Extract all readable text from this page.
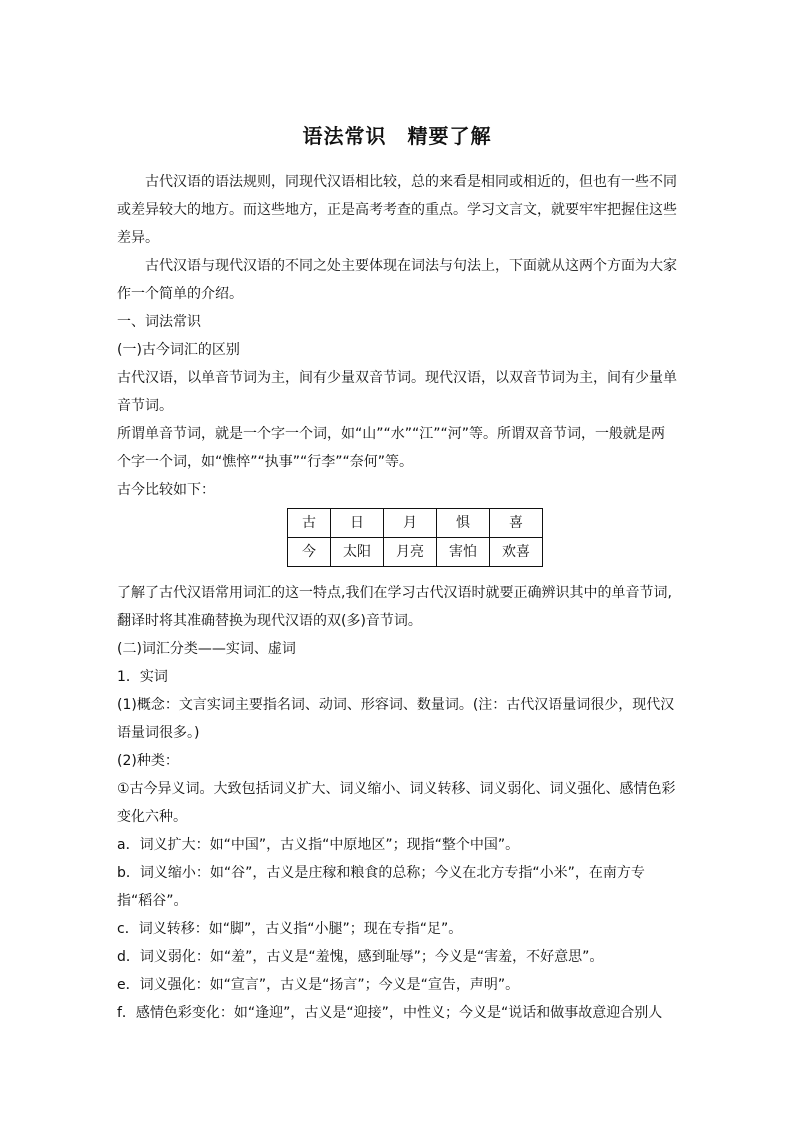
语法常识　精要了解

古代汉语的语法规则，同现代汉语相比较，总的来看是相同或相近的，但也有一些不同或差异较大的地方。而这些地方，正是高考考查的重点。学习文言文，就要牢牢把握住这些差异。

古代汉语与现代汉语的不同之处主要体现在词法与句法上，下面就从这两个方面为大家作一个简单的介绍。

一、词法常识

(一)古今词汇的区别

古代汉语，以单音节词为主，间有少量双音节词。现代汉语，以双音节词为主，间有少量单音节词。

所谓单音节词，就是一个字一个词，如“山”“水”“江”“河”等。所谓双音节词，一般就是两个字一个词，如“憔悴”“执事”“行李”“奈何”等。

古今比较如下：

古	日	月	惧	喜
今	太阳	月亮	害怕	欢喜

了解了古代汉语常用词汇的这一特点,我们在学习古代汉语时就要正确辨识其中的单音节词,翻译时将其准确替换为现代汉语的双(多)音节词。

(二)词汇分类——实词、虚词

1．实词

(1)概念：文言实词主要指名词、动词、形容词、数量词。(注：古代汉语量词很少，现代汉语量词很多。)

(2)种类：

①古今异义词。大致包括词义扩大、词义缩小、词义转移、词义弱化、词义强化、感情色彩变化六种。

a．词义扩大：如“中国”，古义指“中原地区”；现指“整个中国”。

b．词义缩小：如“谷”，古义是庄稼和粮食的总称；今义在北方专指“小米”，在南方专指“稻谷”。

c．词义转移：如“脚”，古义指“小腿”；现在专指“足”。

d．词义弱化：如“羞”，古义是“羞愧，感到耻辱”；今义是“害羞，不好意思”。

e．词义强化：如“宣言”，古义是“扬言”；今义是“宣告，声明”。

f．感情色彩变化：如“逢迎”，古义是“迎接”，中性义；今义是“说话和做事故意迎合别人
